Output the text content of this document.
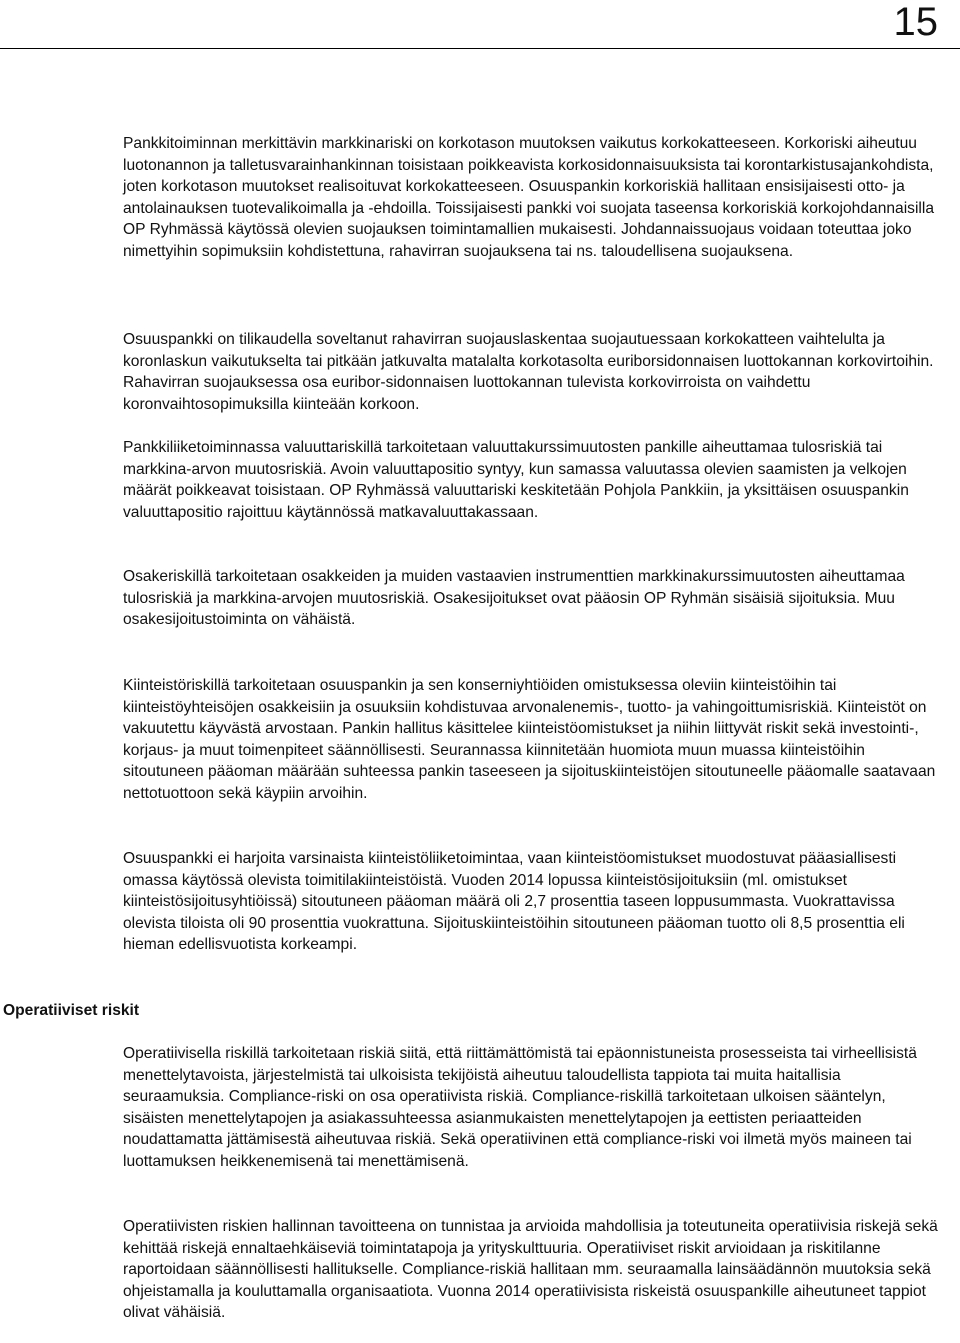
15

Pankkitoiminnan merkittävin markkinariski on korkotason muutoksen vaikutus korkokatteeseen. Korkoriski aiheutuu luotonannon ja talletusvarainhankinnan toisistaan poikkeavista korkosidonnaisuuksista tai korontarkistusajankohdista, joten korkotason muutokset realisoituvat korkokatteeseen. Osuuspankin korkoriskiä hallitaan ensisijaisesti otto- ja antolainauksen tuotevalikoimalla ja -ehdoilla. Toissijaisesti pankki voi suojata taseensa korkoriskiä korkojohdannaisilla OP Ryhmässä käytössä olevien suojauksen toimintamallien mukaisesti. Johdannaissuojaus voidaan toteuttaa joko nimettyihin sopimuksiin kohdistettuna, rahavirran suojauksena tai ns. taloudellisena suojauksena.

Osuuspankki on tilikaudella soveltanut rahavirran suojauslaskentaa suojautuessaan korkokatteen vaihtelulta ja koronlaskun vaikutukselta tai pitkään jatkuvalta matalalta korkotasolta euriborsidonnaisen luottokannan korkovirtoihin. Rahavirran suojauksessa osa euribor-sidonnaisen luottokannan tulevista korkovirroista on vaihdettu koronvaihtosopimuksilla kiinteään korkoon.

Pankkiliiketoiminnassa valuuttariskillä tarkoitetaan valuuttakurssimuutosten pankille aiheuttamaa tulosriskiä tai markkina-arvon muutosriskiä. Avoin valuuttapositio syntyy, kun samassa valuutassa olevien saamisten ja velkojen määrät poikkeavat toisistaan. OP Ryhmässä valuuttariski keskitetään Pohjola Pankkiin, ja yksittäisen osuuspankin valuuttapositio rajoittuu käytännössä matkavaluuttakassaan.

Osakeriskillä tarkoitetaan osakkeiden ja muiden vastaavien instrumenttien markkinakurssimuutosten aiheuttamaa tulosriskiä ja markkina-arvojen muutosriskiä. Osakesijoitukset ovat pääosin OP Ryhmän sisäisiä sijoituksia. Muu osakesijoitustoiminta on vähäistä.

Kiinteistöriskillä tarkoitetaan osuuspankin ja sen konserniyhtiöiden omistuksessa oleviin kiinteistöihin tai kiinteistöyhteisöjen osakkeisiin ja osuuksiin kohdistuvaa arvonalenemis-, tuotto- ja vahingoittumisriskiä. Kiinteistöt on vakuutettu käyvästä arvostaan. Pankin hallitus käsittelee kiinteistöomistukset ja niihin liittyvät riskit sekä investointi-, korjaus- ja muut toimenpiteet säännöllisesti. Seurannassa kiinnitetään huomiota muun muassa kiinteistöihin sitoutuneen pääoman määrään suhteessa pankin taseeseen ja sijoituskiinteistöjen sitoutuneelle pääomalle saatavaan nettotuottoon sekä käypiin arvoihin.

Osuuspankki ei harjoita varsinaista kiinteistöliiketoimintaa, vaan kiinteistöomistukset muodostuvat pääasiallisesti omassa käytössä olevista toimitilakiinteistöistä. Vuoden 2014 lopussa kiinteistösijoituksiin (ml. omistukset kiinteistösijoitusyhtiöissä) sitoutuneen pääoman määrä oli 2,7 prosenttia taseen loppusummasta. Vuokrattavissa olevista tiloista oli 90 prosenttia vuokrattuna. Sijoituskiinteistöihin sitoutuneen pääoman tuotto oli 8,5 prosenttia eli hieman edellisvuotista korkeampi.

Operatiiviset riskit

Operatiivisella riskillä tarkoitetaan riskiä siitä, että riittämättömistä tai epäonnistuneista prosesseista tai virheellisistä menettelytavoista, järjestelmistä tai ulkoisista tekijöistä aiheutuu taloudellista tappiota tai muita haitallisia seuraamuksia. Compliance-riski on osa operatiivista riskiä. Compliance-riskillä tarkoitetaan ulkoisen sääntelyn, sisäisten menettelytapojen ja asiakassuhteessa asianmukaisten menettelytapojen ja eettisten periaatteiden noudattamatta jättämisestä aiheutuvaa riskiä. Sekä operatiivinen että compliance-riski voi ilmetä myös maineen tai luottamuksen heikkenemisenä tai menettämisenä.

Operatiivisten riskien hallinnan tavoitteena on tunnistaa ja arvioida mahdollisia ja toteutuneita operatiivisia riskejä sekä kehittää riskejä ennaltaehkäiseviä toimintatapoja ja yrityskulttuuria. Operatiiviset riskit arvioidaan ja riskitilanne raportoidaan säännöllisesti hallitukselle. Compliance-riskiä hallitaan mm. seuraamalla lainsäädännön muutoksia sekä ohjeistamalla ja kouluttamalla organisaatiota. Vuonna 2014 operatiivisista riskeistä osuuspankille aiheutuneet tappiot olivat vähäisiä.
